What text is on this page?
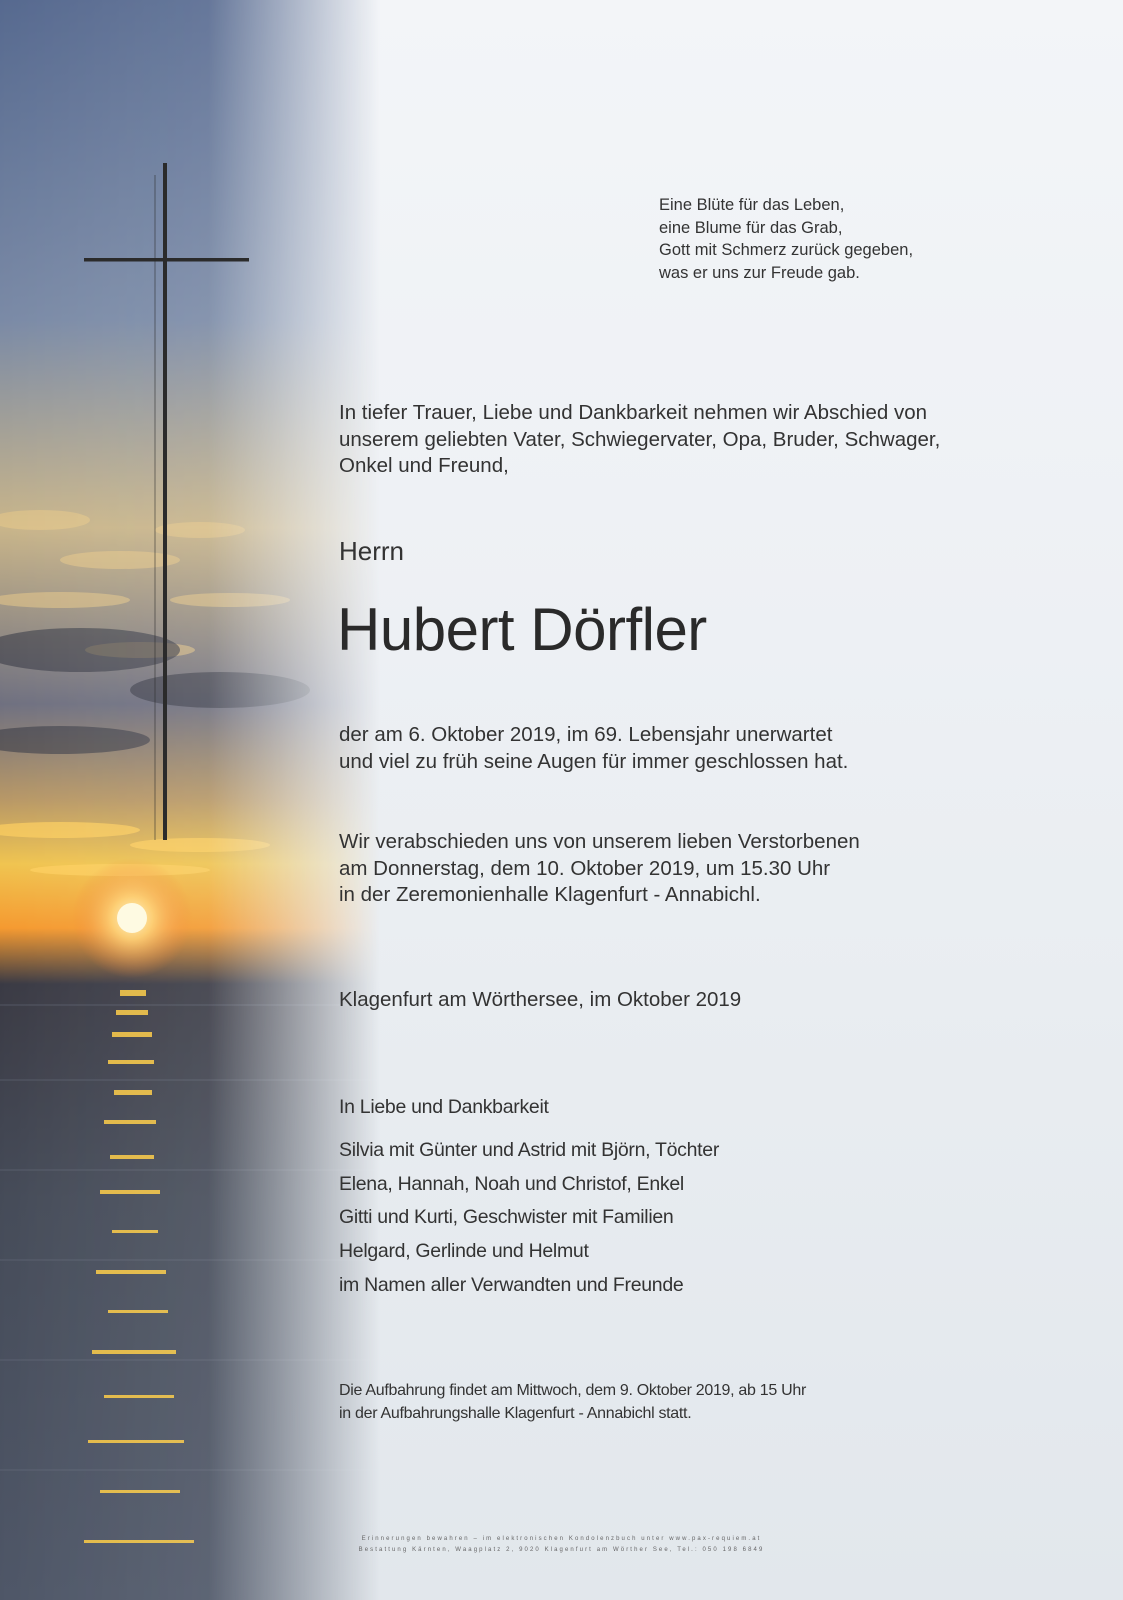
Eine Blüte für das Leben,
eine Blume für das Grab,
Gott mit Schmerz zurück gegeben,
was er uns zur Freude gab.
In tiefer Trauer, Liebe und Dankbarkeit nehmen wir Abschied von
unserem geliebten Vater, Schwiegervater, Opa, Bruder, Schwager,
Onkel und Freund,
Herrn
Hubert Dörfler
der am 6. Oktober 2019, im 69. Lebensjahr unerwartet
und viel zu früh seine Augen für immer geschlossen hat.
Wir verabschieden uns von unserem lieben Verstorbenen
am Donnerstag, dem 10. Oktober 2019, um 15.30 Uhr
in der Zeremonienhalle Klagenfurt - Annabichl.
Klagenfurt am Wörthersee, im Oktober 2019
In Liebe und Dankbarkeit
Silvia mit Günter und Astrid mit Björn, Töchter
Elena, Hannah, Noah und Christof, Enkel
Gitti und Kurti, Geschwister mit Familien
Helgard, Gerlinde und Helmut
im Namen aller Verwandten und Freunde
Die Aufbahrung findet am Mittwoch, dem 9. Oktober 2019, ab 15 Uhr
in der Aufbahrungshalle Klagenfurt - Annabichl statt.
Erinnerungen bewahren – im elektronischen Kondolenzbuch unter www.pax-requiem.at
Bestattung Kärnten, Waagplatz 2, 9020 Klagenfurt am Wörther See, Tel.: 050 198 6849
